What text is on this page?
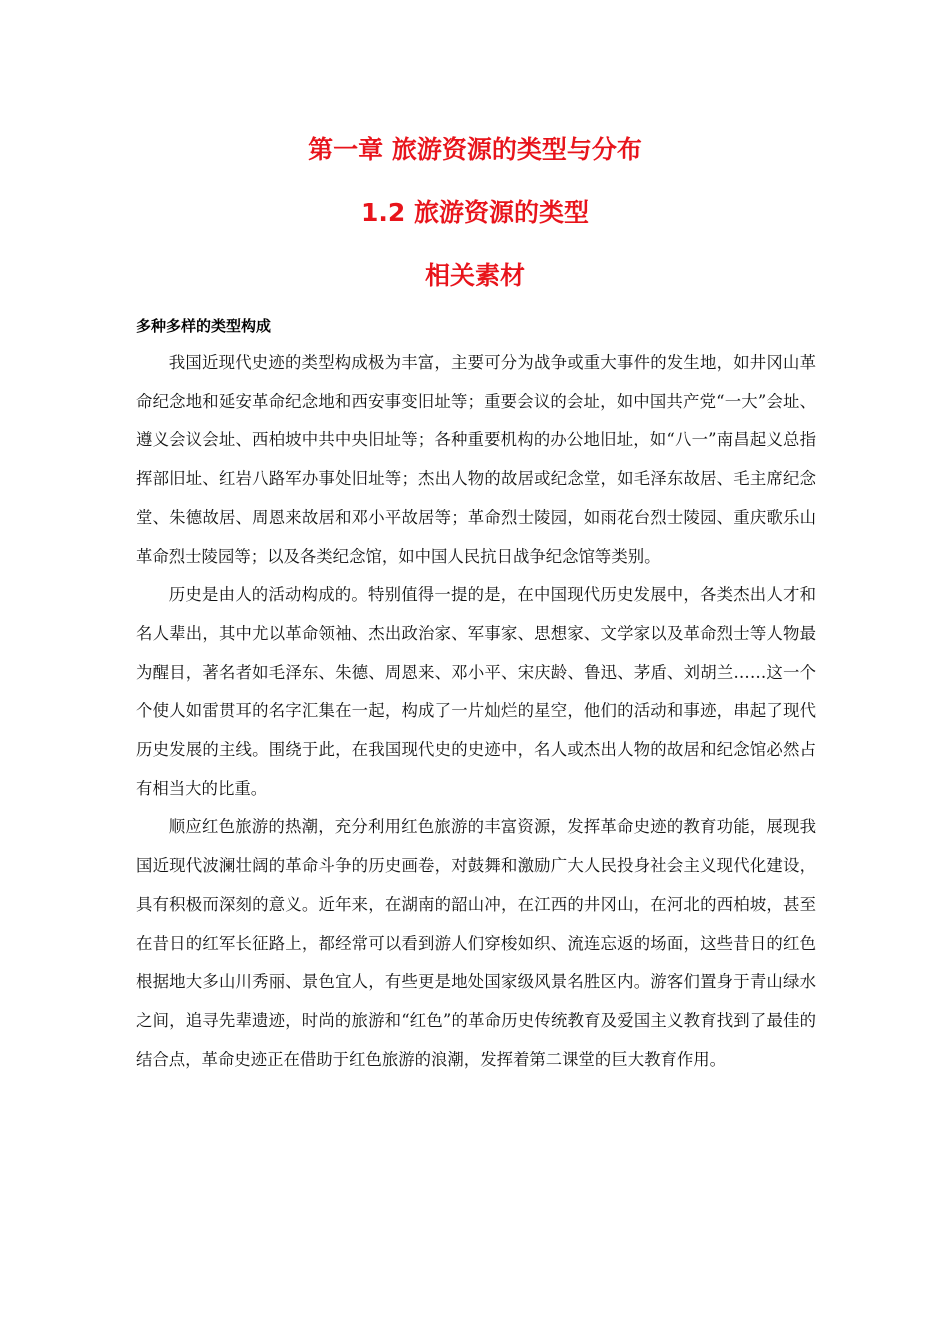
第一章 旅游资源的类型与分布
1.2 旅游资源的类型
相关素材
多种多样的类型构成

我国近现代史迹的类型构成极为丰富，主要可分为战争或重大事件的发生地，如井冈山革命纪念地和延安革命纪念地和西安事变旧址等；重要会议的会址，如中国共产党“一大”会址、遵义会议会址、西柏坡中共中央旧址等；各种重要机构的办公地旧址，如“八一”南昌起义总指挥部旧址、红岩八路军办事处旧址等；杰出人物的故居或纪念堂，如毛泽东故居、毛主席纪念堂、朱德故居、周恩来故居和邓小平故居等；革命烈士陵园，如雨花台烈士陵园、重庆歌乐山革命烈士陵园等；以及各类纪念馆，如中国人民抗日战争纪念馆等类别。

历史是由人的活动构成的。特别值得一提的是，在中国现代历史发展中，各类杰出人才和名人辈出，其中尤以革命领袖、杰出政治家、军事家、思想家、文学家以及革命烈士等人物最为醒目，著名者如毛泽东、朱德、周恩来、邓小平、宋庆龄、鲁迅、茅盾、刘胡兰……这一个个使人如雷贯耳的名字汇集在一起，构成了一片灿烂的星空，他们的活动和事迹，串起了现代历史发展的主线。围绕于此，在我国现代史的史迹中，名人或杰出人物的故居和纪念馆必然占有相当大的比重。

顺应红色旅游的热潮，充分利用红色旅游的丰富资源，发挥革命史迹的教育功能，展现我国近现代波澜壮阔的革命斗争的历史画卷，对鼓舞和激励广大人民投身社会主义现代化建设，具有积极而深刻的意义。近年来，在湖南的韶山冲，在江西的井冈山，在河北的西柏坡，甚至在昔日的红军长征路上，都经常可以看到游人们穿梭如织、流连忘返的场面，这些昔日的红色根据地大多山川秀丽、景色宜人，有些更是地处国家级风景名胜区内。游客们置身于青山绿水之间，追寻先辈遗迹，时尚的旅游和“红色”的革命历史传统教育及爱国主义教育找到了最佳的结合点，革命史迹正在借助于红色旅游的浪潮，发挥着第二课堂的巨大教育作用。
